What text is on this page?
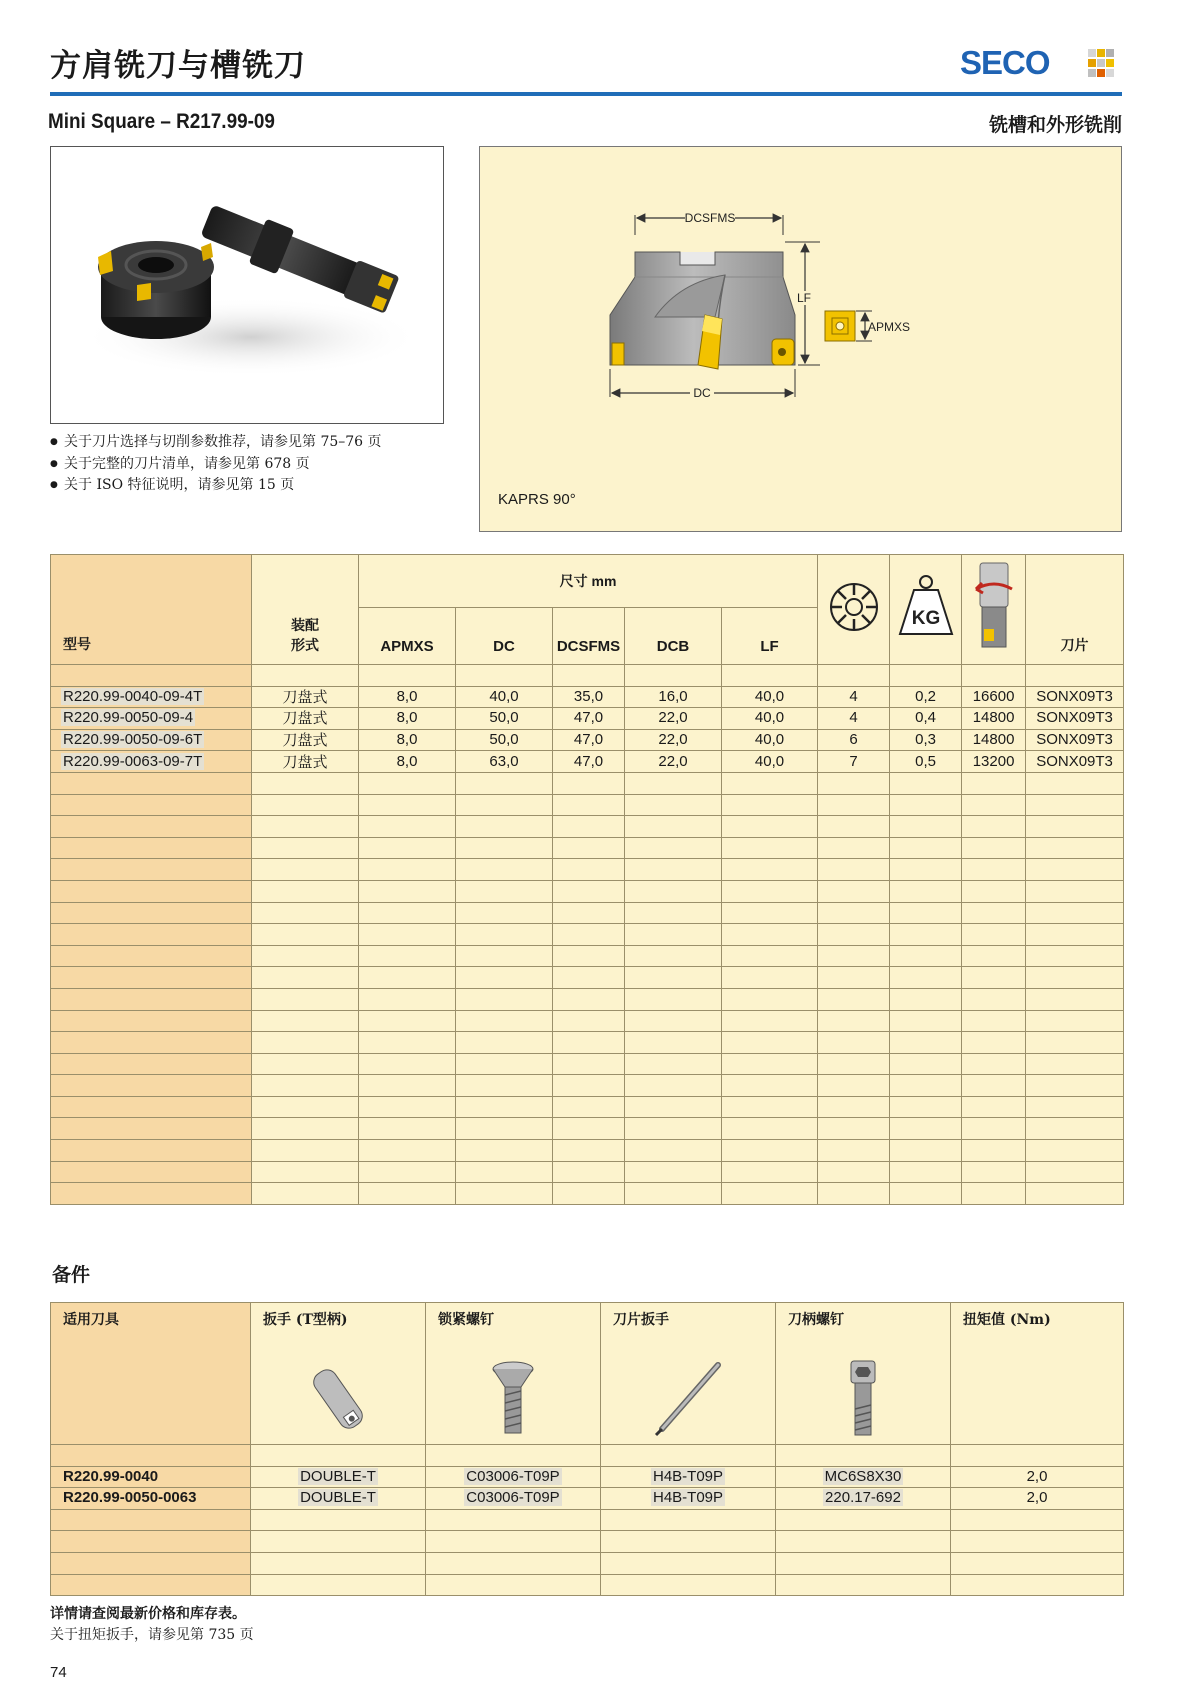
方肩铣刀与槽铣刀	SECO
Mini Square – R217.99-09	铣槽和外形铣削
● 关于刀片选择与切削参数推荐，请参见第 75–76 页
● 关于完整的刀片清单，请参见第 678 页
● 关于 ISO 特征说明，请参见第 15 页
DCSFMS
LF
APMXS
DC
KAPRS 90°
型号	装配
形式	尺寸 mm						KG		刀片
		APMXS	DC	DCSFMS	DCB	LF				

R220.99-0040-09-4T	刀盘式	8,0	40,0	35,0	16,0	40,0	4	0,2	16600	SONX09T3
R220.99-0050-09-4	刀盘式	8,0	50,0	47,0	22,0	40,0	4	0,4	14800	SONX09T3
R220.99-0050-09-6T	刀盘式	8,0	50,0	47,0	22,0	40,0	6	0,3	14800	SONX09T3
R220.99-0063-09-7T	刀盘式	8,0	63,0	47,0	22,0	40,0	7	0,5	13200	SONX09T3

备件
适用刀具	扳手 (T型柄)	锁紧螺钉	刀片扳手	刀柄螺钉	扭矩值 (Nm)

R220.99-0040	DOUBLE-T	C03006-T09P	H4B-T09P	MC6S8X30	2,0
R220.99-0050-0063	DOUBLE-T	C03006-T09P	H4B-T09P	220.17-692	2,0

详情请查阅最新价格和库存表。
关于扭矩扳手，请参见第 735 页
74
